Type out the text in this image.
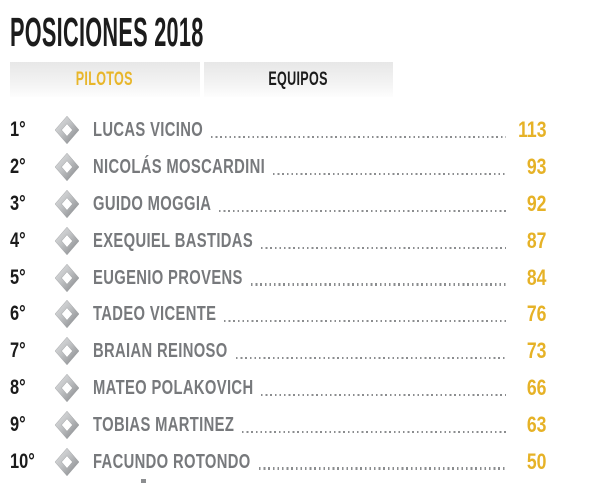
POSICIONES 2018
PILOTOS	EQUIPOS
1°	LUCAS VICINO	113
2°	NICOLÁS MOSCARDINI	93
3°	GUIDO MOGGIA	92
4°	EXEQUIEL BASTIDAS	87
5°	EUGENIO PROVENS	84
6°	TADEO VICENTE	76
7°	BRAIAN REINOSO	73
8°	MATEO POLAKOVICH	66
9°	TOBIAS MARTINEZ	63
10°	FACUNDO ROTONDO	50
